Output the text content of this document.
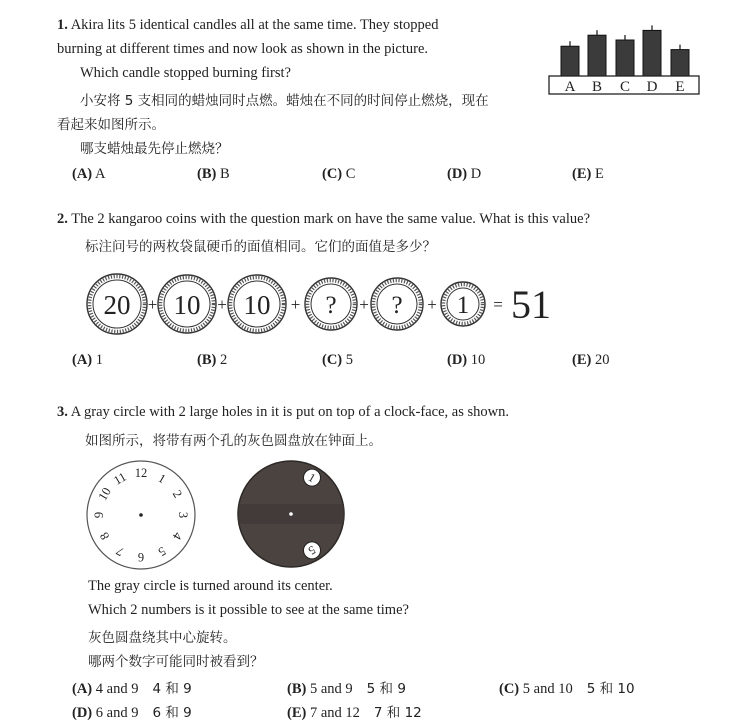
1. Akira lits 5 identical candles all at the same time. They stopped
burning at different times and now look as shown in the picture.
Which candle stopped burning first?
小安将 5 支相同的蜡烛同时点燃。蜡烛在不同的时间停止燃烧，现在
看起来如图所示。
哪支蜡烛最先停止燃烧？
A B C D E
(A) A	(B) B	(C) C	(D) D	(E) E
2. The 2 kangaroo coins with the question mark on have the same value. What is this value?
标注问号的两枚袋鼠硬币的面值相同。它们的面值是多少？
20 + 10 + 10 + ? + ? + 1 = 51
(A) 1	(B) 2	(C) 5	(D) 10	(E) 20
3. A gray circle with 2 large holes in it is put on top of a clock-face, as shown.
如图所示，将带有两个孔的灰色圆盘放在钟面上。
12 1
2
3
4
5
6
7
8
9
10
11	1
5
The gray circle is turned around its center.
Which 2 numbers is it possible to see at the same time?
灰色圆盘绕其中心旋转。
哪两个数字可能同时被看到？
(A) 4 and 9 4 和 9	(B) 5 and 9 5 和 9	(C) 5 and 10 5 和 10
(D) 6 and 9 6 和 9	(E) 7 and 12 7 和 12
